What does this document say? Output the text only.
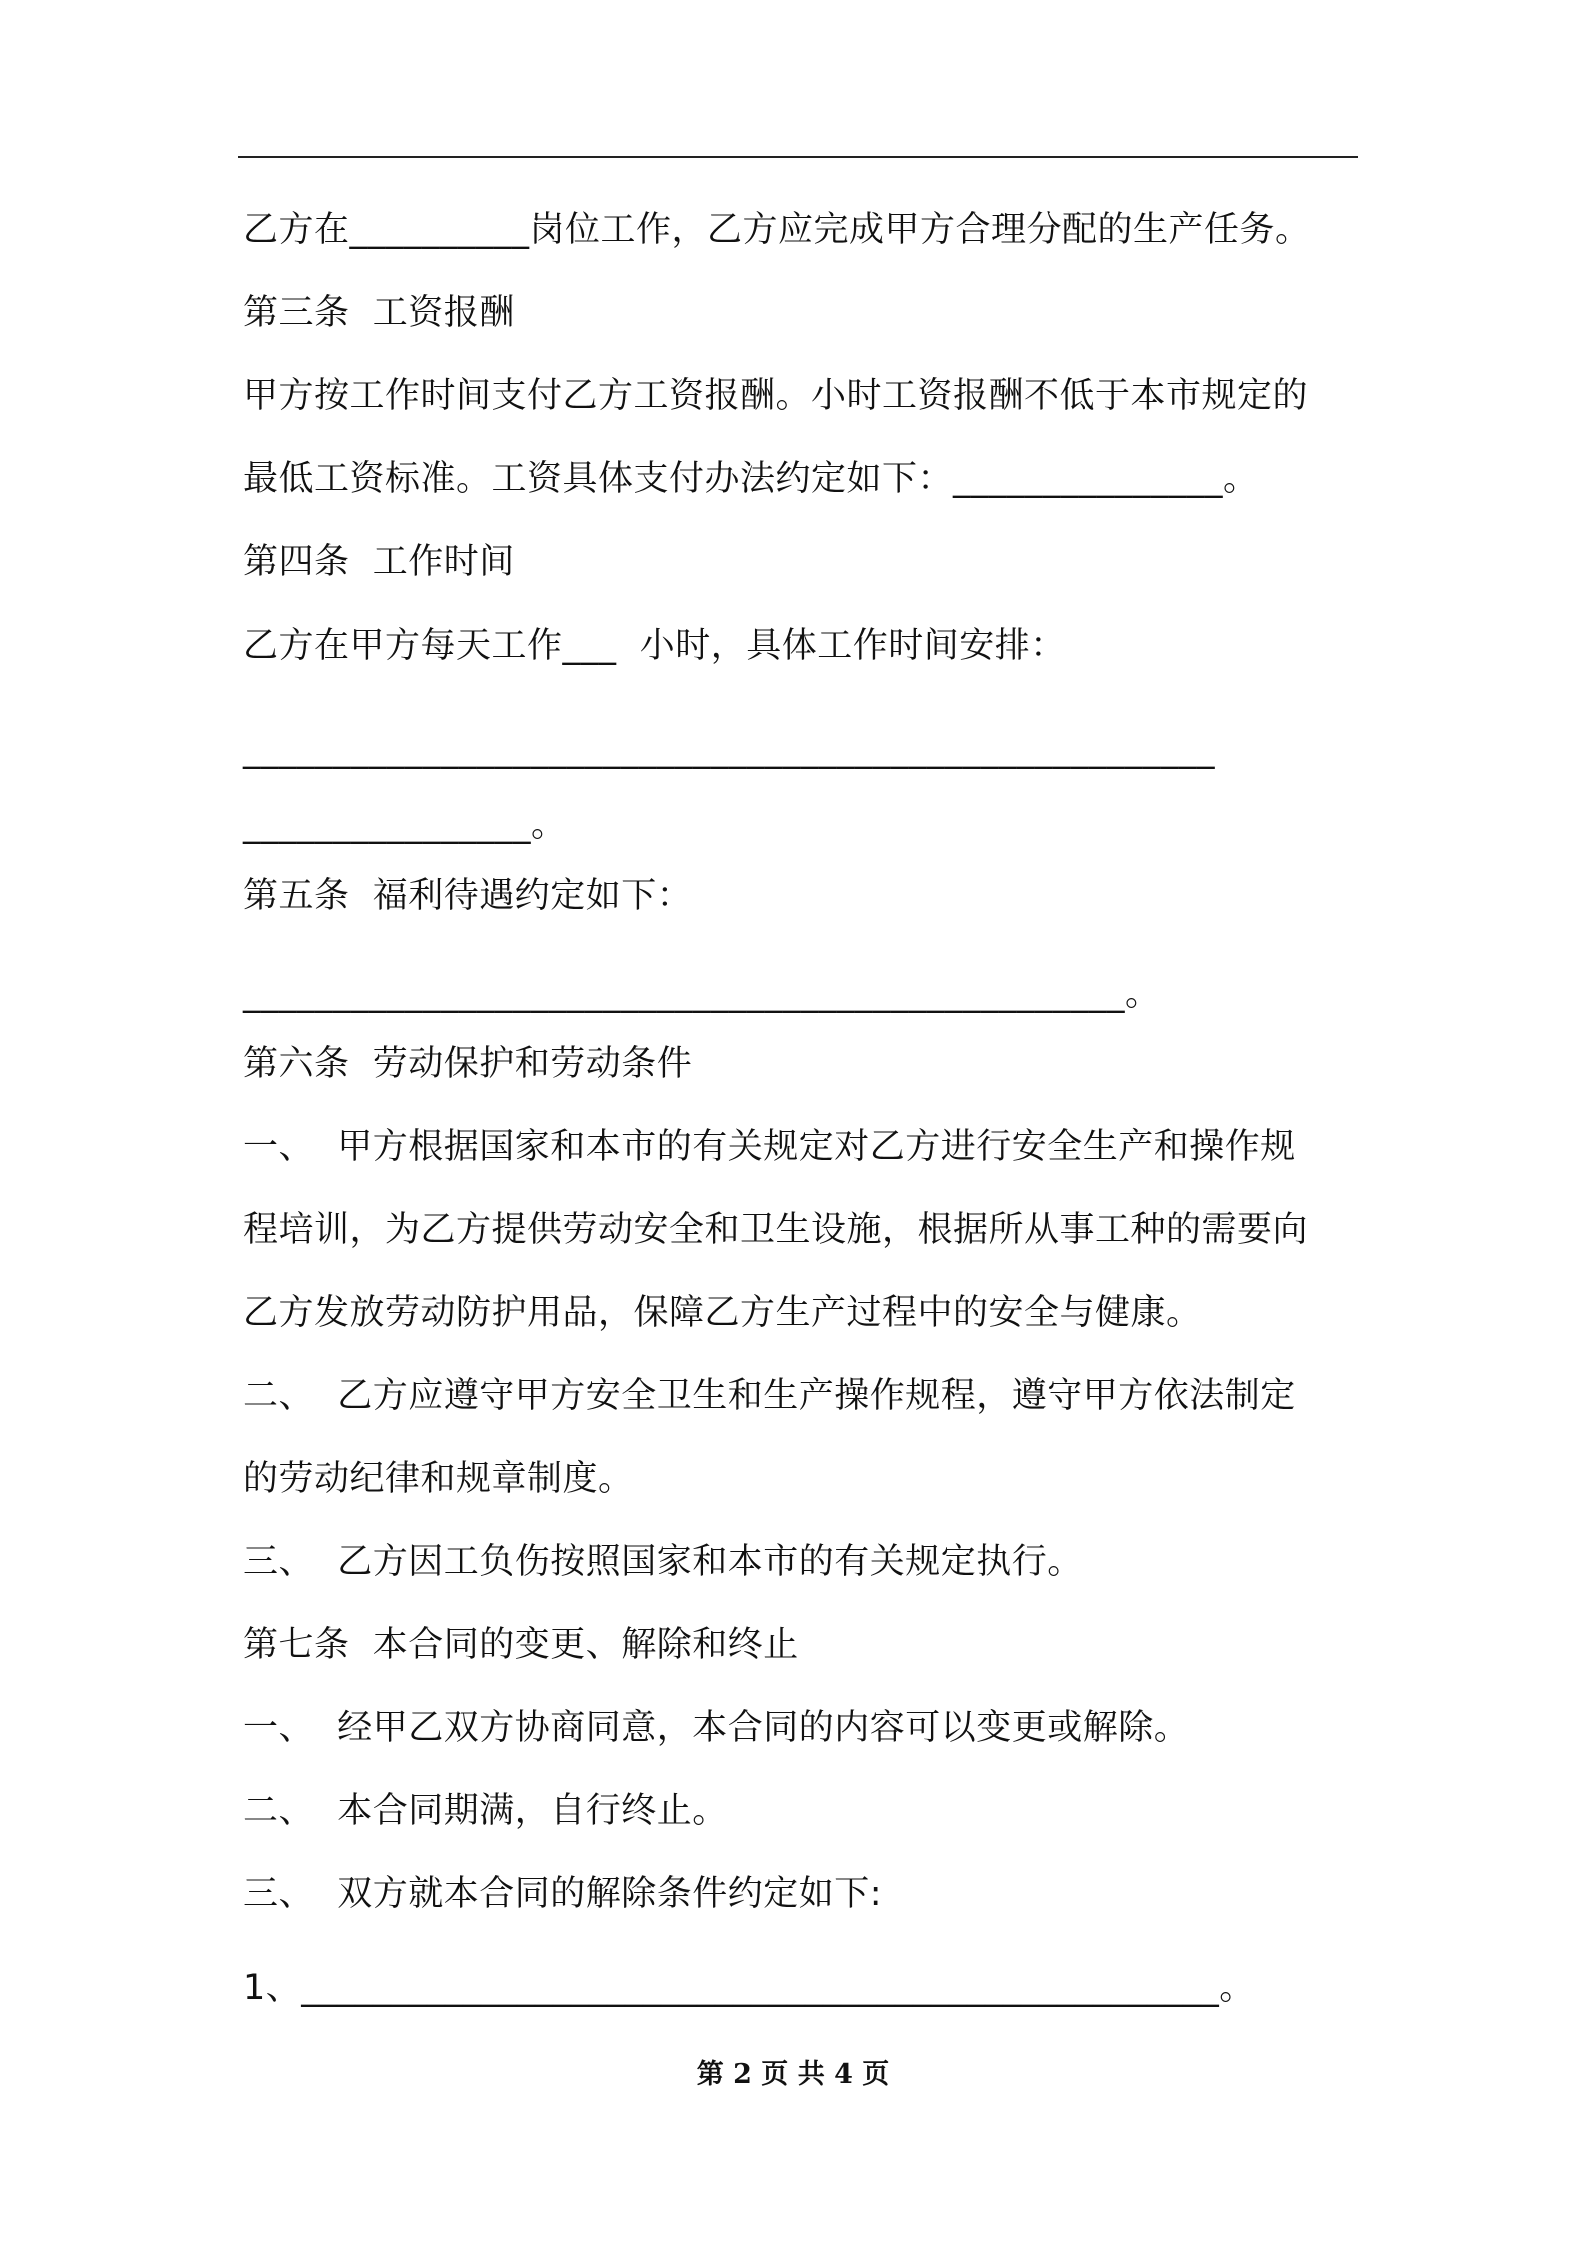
乙方在__________岗位工作，乙方应完成甲方合理分配的生产任务。
第三条  工资报酬
甲方按工作时间支付乙方工资报酬。小时工资报酬不低于本市规定的
最低工资标准。工资具体支付办法约定如下：_______________。
第四条  工作时间
乙方在甲方每天工作___  小时，具体工作时间安排：
______________________________________________________
________________。
第五条  福利待遇约定如下：
_________________________________________________。
第六条  劳动保护和劳动条件
一、  甲方根据国家和本市的有关规定对乙方进行安全生产和操作规
程培训，为乙方提供劳动安全和卫生设施，根据所从事工种的需要向
乙方发放劳动防护用品，保障乙方生产过程中的安全与健康。
二、  乙方应遵守甲方安全卫生和生产操作规程，遵守甲方依法制定
的劳动纪律和规章制度。
三、  乙方因工负伤按照国家和本市的有关规定执行。
第七条  本合同的变更、解除和终止
一、  经甲乙双方协商同意，本合同的内容可以变更或解除。
二、  本合同期满，自行终止。
三、  双方就本合同的解除条件约定如下:
1、___________________________________________________。
第 2 页 共 4 页
